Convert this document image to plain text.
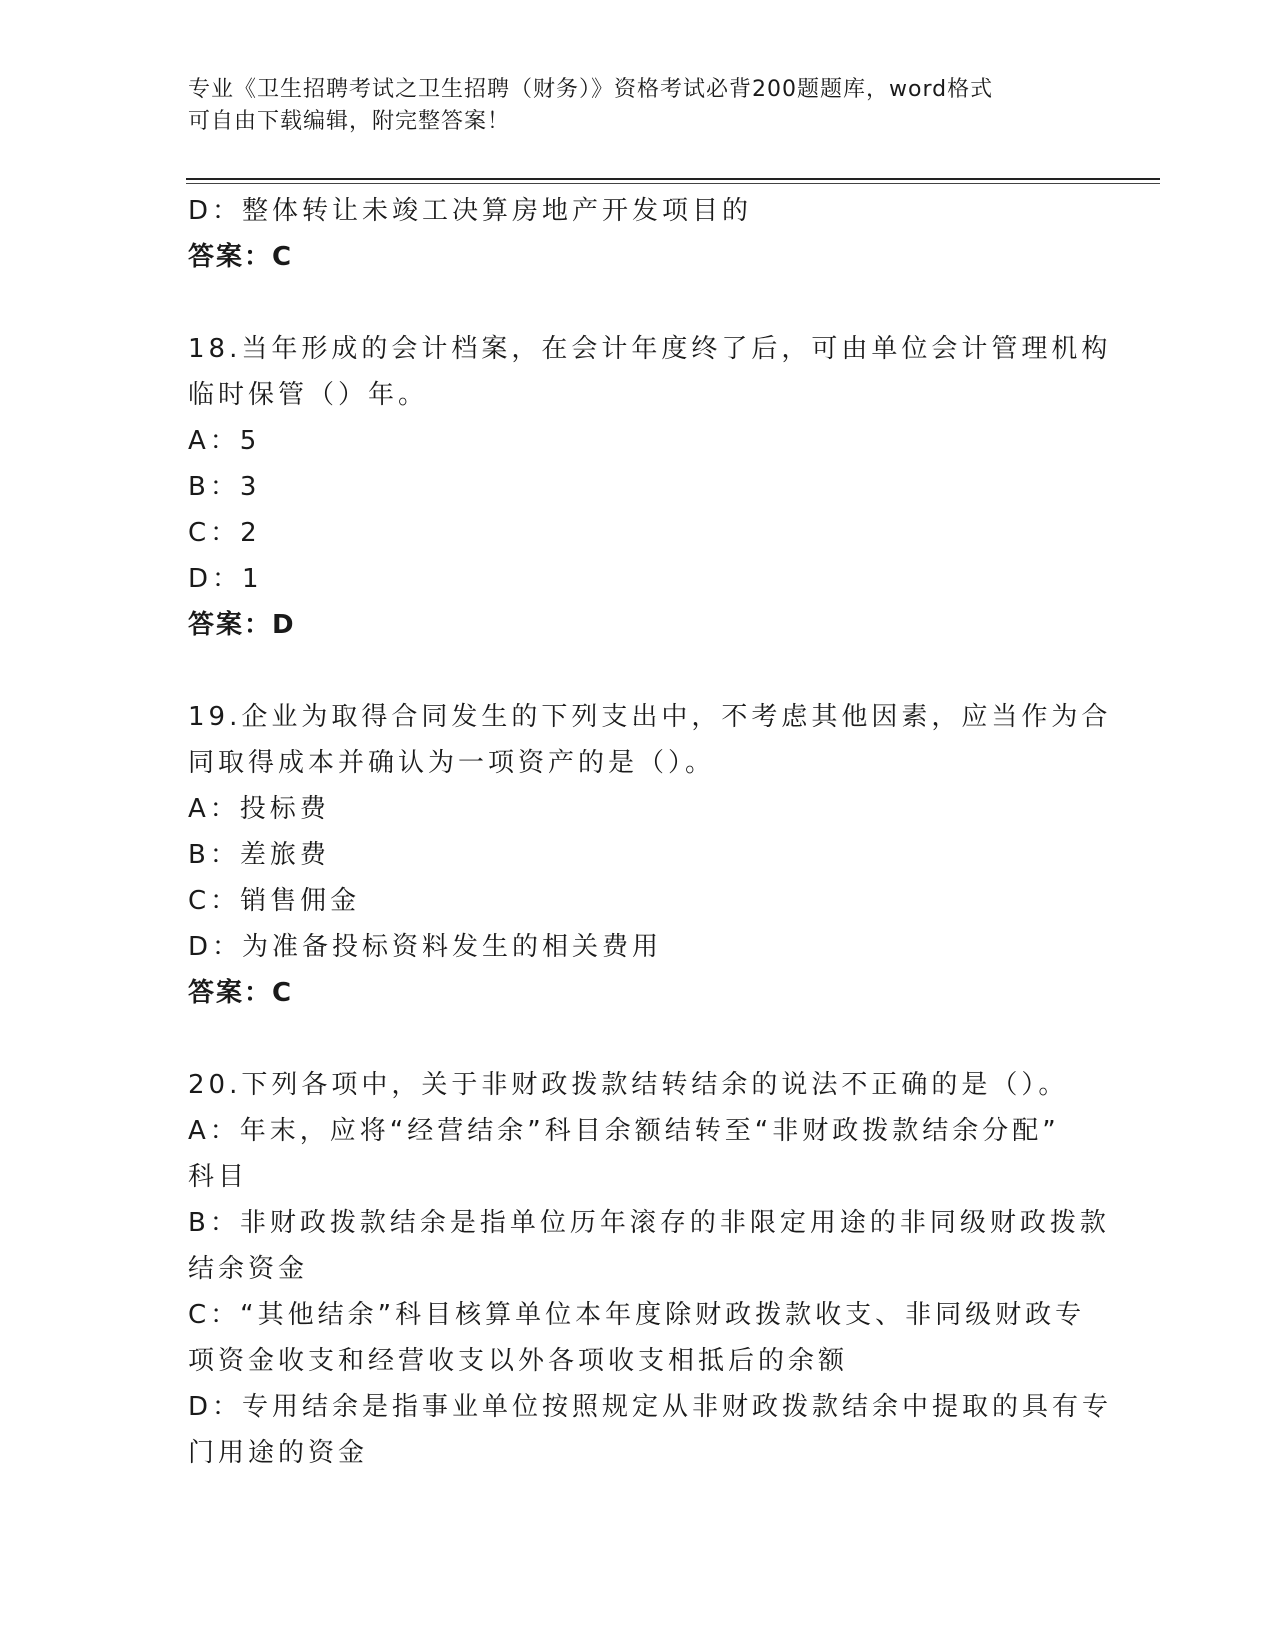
专业《卫生招聘考试之卫生招聘（财务）》资格考试必背200题题库，word格式
可自由下载编辑，附完整答案！
D：整体转让未竣工决算房地产开发项目的
答案：C
18.当年形成的会计档案，在会计年度终了后，可由单位会计管理机构
临时保管（）年。
A：5
B：3
C：2
D：1
答案：D
19.企业为取得合同发生的下列支出中，不考虑其他因素，应当作为合
同取得成本并确认为一项资产的是（）。
A：投标费
B：差旅费
C：销售佣金
D：为准备投标资料发生的相关费用
答案：C
20.下列各项中，关于非财政拨款结转结余的说法不正确的是（）。
A：年末，应将“经营结余”科目余额结转至“非财政拨款结余分配”
科目
B：非财政拨款结余是指单位历年滚存的非限定用途的非同级财政拨款
结余资金
C：“其他结余”科目核算单位本年度除财政拨款收支、非同级财政专
项资金收支和经营收支以外各项收支相抵后的余额
D：专用结余是指事业单位按照规定从非财政拨款结余中提取的具有专
门用途的资金
